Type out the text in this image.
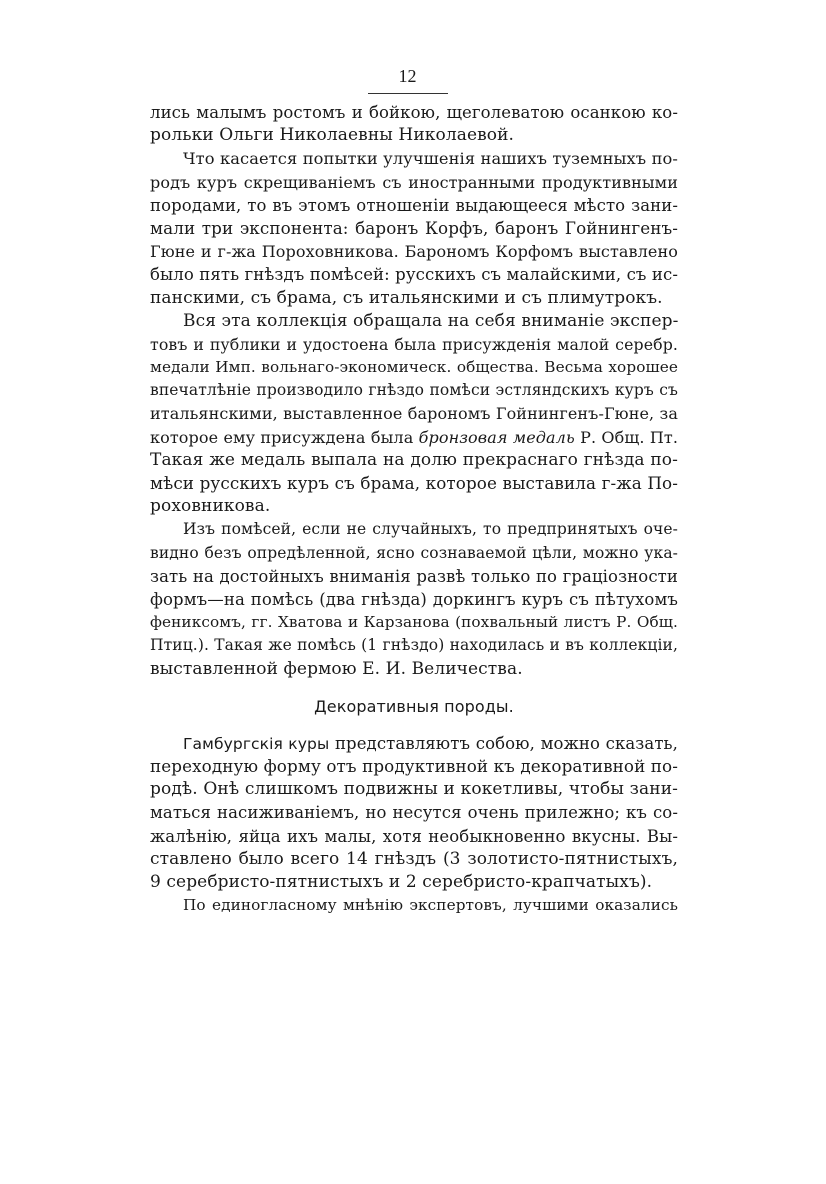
12
лись малымъ ростомъ и бойкою, щеголеватою осанкою ко-
рольки Ольги Николаевны Николаевой.
Что касается попытки улучшенія нашихъ туземныхъ по-
родъ куръ скрещиваніемъ съ иностранными продуктивными
породами, то въ этомъ отношеніи выдающееся мѣсто зани-
мали три экспонента: баронъ Корфъ, баронъ Гойнингенъ-
Гюне и г-жа Пороховникова. Барономъ Корфомъ выставлено
было пять гнѣздъ помѣсей: русскихъ съ малайскими, съ ис-
панскими, съ брама, съ итальянскими и съ плимутрокъ.
Вся эта коллекція обращала на себя вниманіе экспер-
товъ и публики и удостоена была присужденія малой серебр.
медали Имп. вольнаго-экономическ. общества. Весьма хорошее
впечатлѣніе производило гнѣздо помѣси эстляндскихъ куръ съ
итальянскими, выставленное барономъ Гойнингенъ-Гюне, за
которое ему присуждена была бронзовая медаль Р. Общ. Пт.
Такая же медаль выпала на долю прекраснаго гнѣзда по-
мѣси русскихъ куръ съ брама, которое выставила г-жа По-
роховникова.
Изъ помѣсей, если не случайныхъ, то предпринятыхъ оче-
видно безъ опредѣленной, ясно сознаваемой цѣли, можно ука-
зать на достойныхъ вниманія развѣ только по граціозности
формъ—на помѣсь (два гнѣзда) доркингъ куръ съ пѣтухомъ
фениксомъ, гг. Хватова и Карзанова (похвальный листъ Р. Общ.
Птиц.). Такая же помѣсь (1 гнѣздо) находилась и въ коллекціи,
выставленной фермою Е. И. Величества.
Декоративныя породы.
Гамбургскія куры представляютъ собою, можно сказать,
переходную форму отъ продуктивной къ декоративной по-
родѣ. Онѣ слишкомъ подвижны и кокетливы, чтобы зани-
маться насиживаніемъ, но несутся очень прилежно; къ со-
жалѣнію, яйца ихъ малы, хотя необыкновенно вкусны. Вы-
ставлено было всего 14 гнѣздъ (3 золотисто-пятнистыхъ,
9 серебристо-пятнистыхъ и 2 серебристо-крапчатыхъ).
По единогласному мнѣнію экспертовъ, лучшими оказались
